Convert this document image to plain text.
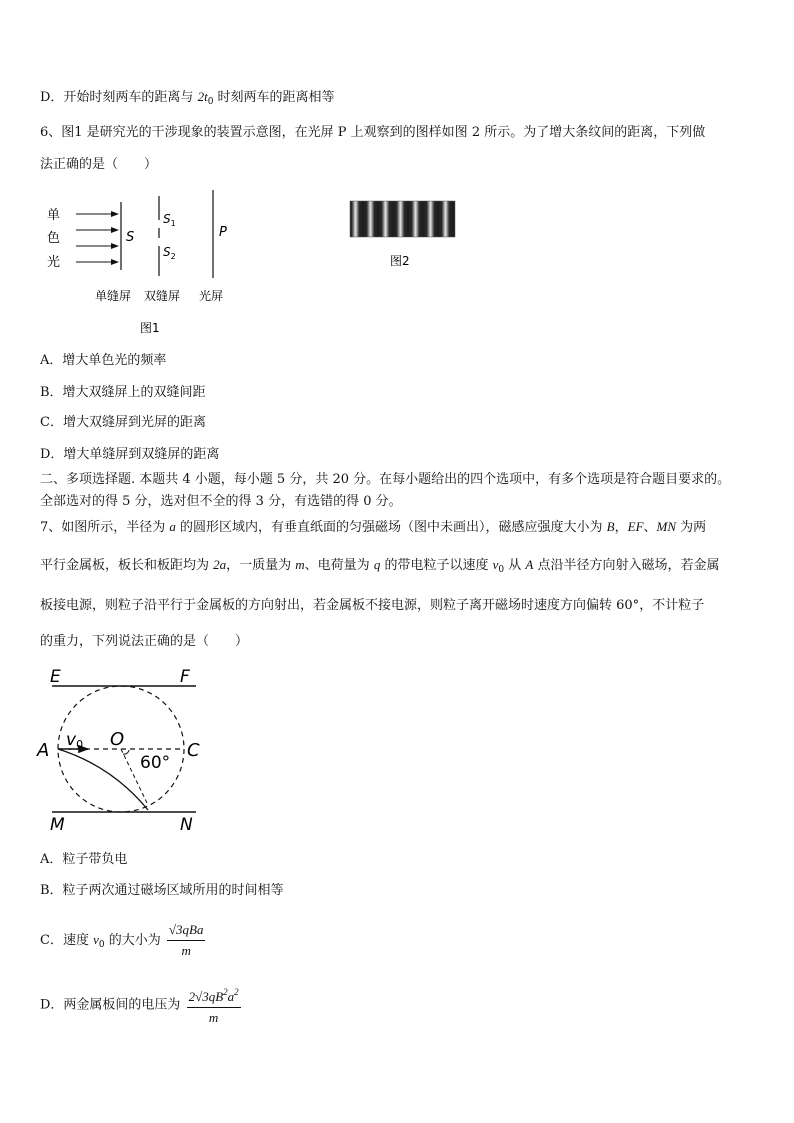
D．开始时刻两车的距离与 $2t_0$ 时刻两车的距离相等
6、图1 是研究光的干涉现象的装置示意图，在光屏 P 上观察到的图样如图 2 所示。为了增大条纹间的距离，下列做
法正确的是（　　）
单
色
光
S
$S_1$
$S_2$
P
单缝屏 双缝屏 光屏
图1
图2
A．增大单色光的频率
B．增大双缝屏上的双缝间距
C．增大双缝屏到光屏的距离
D．增大单缝屏到双缝屏的距离
二、多项选择题. 本题共 4 小题，每小题 5 分，共 20 分。在每小题给出的四个选项中，有多个选项是符合题目要求的。
全部选对的得 5 分，选对但不全的得 3 分，有选错的得 0 分。
7、如图所示，半径为 a 的圆形区域内，有垂直纸面的匀强磁场（图中未画出），磁感应强度大小为 B，EF、MN 为两
平行金属板，板长和板距均为 2a，一质量为 m、电荷量为 q 的带电粒子以速度 $v_0$ 从 A 点沿半径方向射入磁场，若金属
板接电源，则粒子沿平行于金属板的方向射出，若金属板不接电源，则粒子离开磁场时速度方向偏转 60°，不计粒子
的重力，下列说法正确的是（　　）
E	F
M	N
A	C
O
v0
60°
A．粒子带负电
B．粒子两次通过磁场区域所用的时间相等
C．速度 $v_0$ 的大小为 $\frac{\text{√3qBa}}{m}$
D．两金属板间的电压为 $\frac{2√3qB^2a^2}{m}$
